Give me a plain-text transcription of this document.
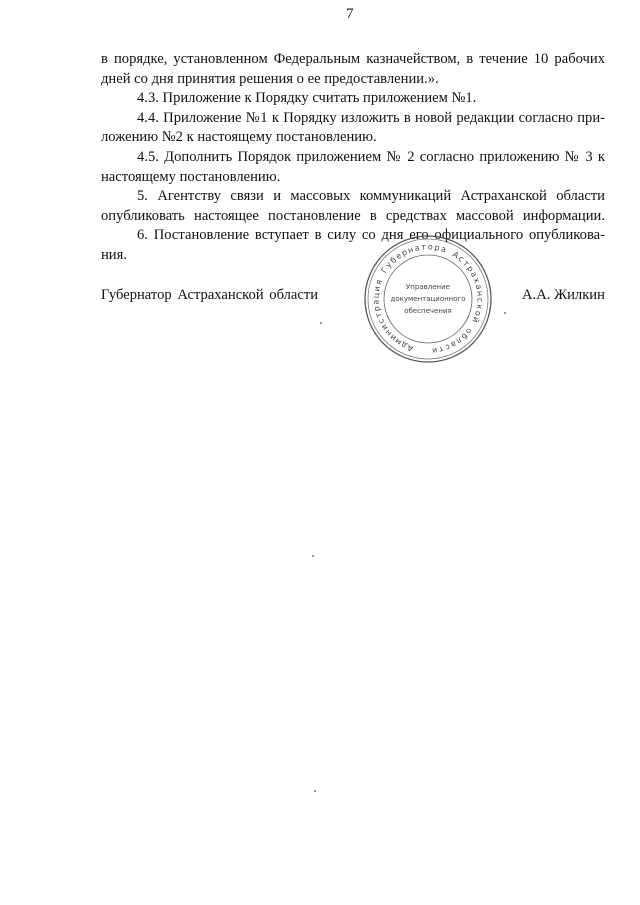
7
в порядке, установленном Федеральным казначейством, в течение 10 рабочих
дней со дня принятия решения о ее предоставлении.».
4.3. Приложение к Порядку считать приложением №1.
4.4. Приложение №1 к Порядку изложить в новой редакции согласно при-
ложению №2 к настоящему постановлению.
4.5. Дополнить Порядок приложением № 2 согласно приложению № 3 к
настоящему постановлению.
5. Агентству связи и массовых коммуникаций Астраханской области
опубликовать настоящее постановление в средствах массовой информации.
6. Постановление вступает в силу со дня его официального опубликова-
ния.
Губернатор Астраханской области	А.А. Жилкин
А
д
м
и
н
и
с
т
р
а
ц
и
я
Г
у
б
е
р
н а т о р а
А
с
т
р
а
х
а
н
с
к
о
й
о
б
л
а
с
т
и
Управление
документационного
обеспечения
